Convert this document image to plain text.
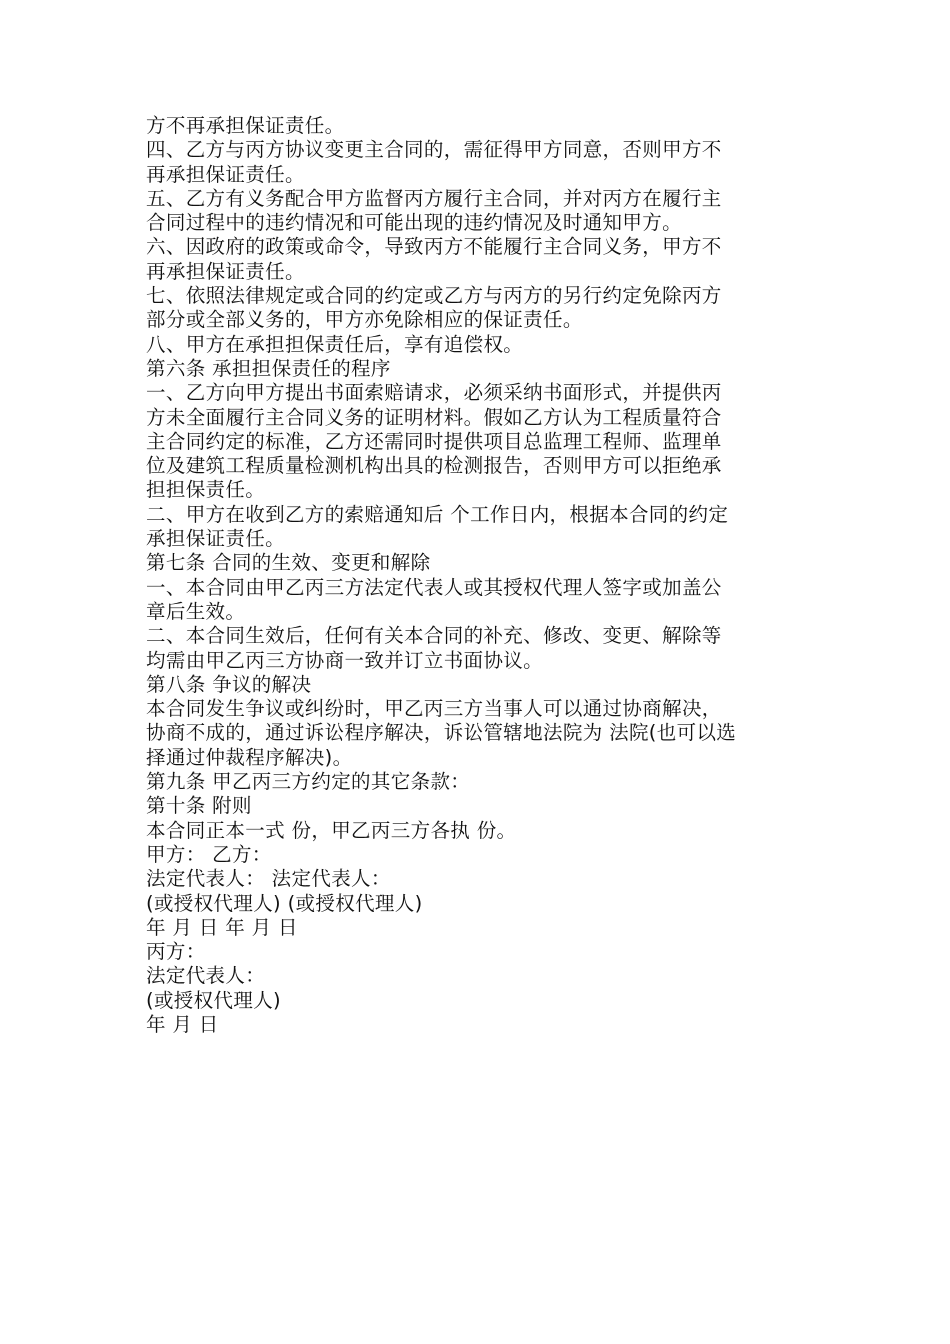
方不再承担保证责任。
四、乙方与丙方协议变更主合同的，需征得甲方同意，否则甲方不
再承担保证责任。
五、乙方有义务配合甲方监督丙方履行主合同，并对丙方在履行主
合同过程中的违约情况和可能出现的违约情况及时通知甲方。
六、因政府的政策或命令，导致丙方不能履行主合同义务，甲方不
再承担保证责任。
七、依照法律规定或合同的约定或乙方与丙方的另行约定免除丙方
部分或全部义务的，甲方亦免除相应的保证责任。
八、甲方在承担担保责任后，享有追偿权。
第六条 承担担保责任的程序
一、乙方向甲方提出书面索赔请求，必须采纳书面形式，并提供丙
方未全面履行主合同义务的证明材料。假如乙方认为工程质量符合
主合同约定的标准，乙方还需同时提供项目总监理工程师、监理单
位及建筑工程质量检测机构出具的检测报告，否则甲方可以拒绝承
担担保责任。
二、甲方在收到乙方的索赔通知后 个工作日内，根据本合同的约定
承担保证责任。
第七条 合同的生效、变更和解除
一、本合同由甲乙丙三方法定代表人或其授权代理人签字或加盖公
章后生效。
二、本合同生效后，任何有关本合同的补充、修改、变更、解除等
均需由甲乙丙三方协商一致并订立书面协议。
第八条 争议的解决
本合同发生争议或纠纷时，甲乙丙三方当事人可以通过协商解决，
协商不成的，通过诉讼程序解决，诉讼管辖地法院为 法院(也可以选
择通过仲裁程序解决)。
第九条 甲乙丙三方约定的其它条款：
第十条 附则
本合同正本一式 份，甲乙丙三方各执 份。
甲方： 乙方：
法定代表人： 法定代表人：
(或授权代理人) (或授权代理人)
年 月 日 年 月 日
丙方：
法定代表人：
(或授权代理人)
年 月 日
